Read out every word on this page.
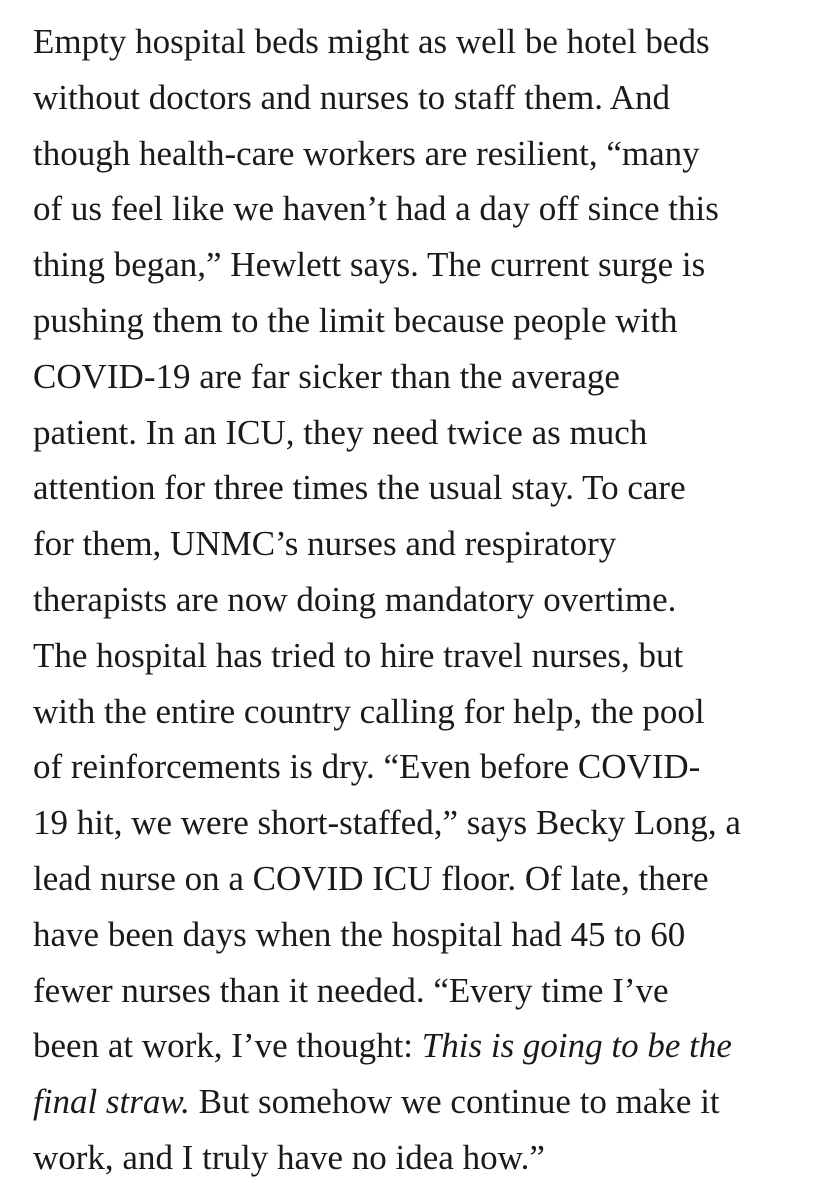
Empty hospital beds might as well be hotel beds
without doctors and nurses to staff them. And
though health-care workers are resilient, “many
of us feel like we haven’t had a day off since this
thing began,” Hewlett says. The current surge is
pushing them to the limit because people with
COVID-19 are far sicker than the average
patient. In an ICU, they need twice as much
attention for three times the usual stay. To care
for them, UNMC’s nurses and respiratory
therapists are now doing mandatory overtime.
The hospital has tried to hire travel nurses, but
with the entire country calling for help, the pool
of reinforcements is dry. “Even before COVID-
19 hit, we were short-staffed,” says Becky Long, a
lead nurse on a COVID ICU floor. Of late, there
have been days when the hospital had 45 to 60
fewer nurses than it needed. “Every time I’ve
been at work, I’ve thought: This is going to be the
final straw. But somehow we continue to make it
work, and I truly have no idea how.”
